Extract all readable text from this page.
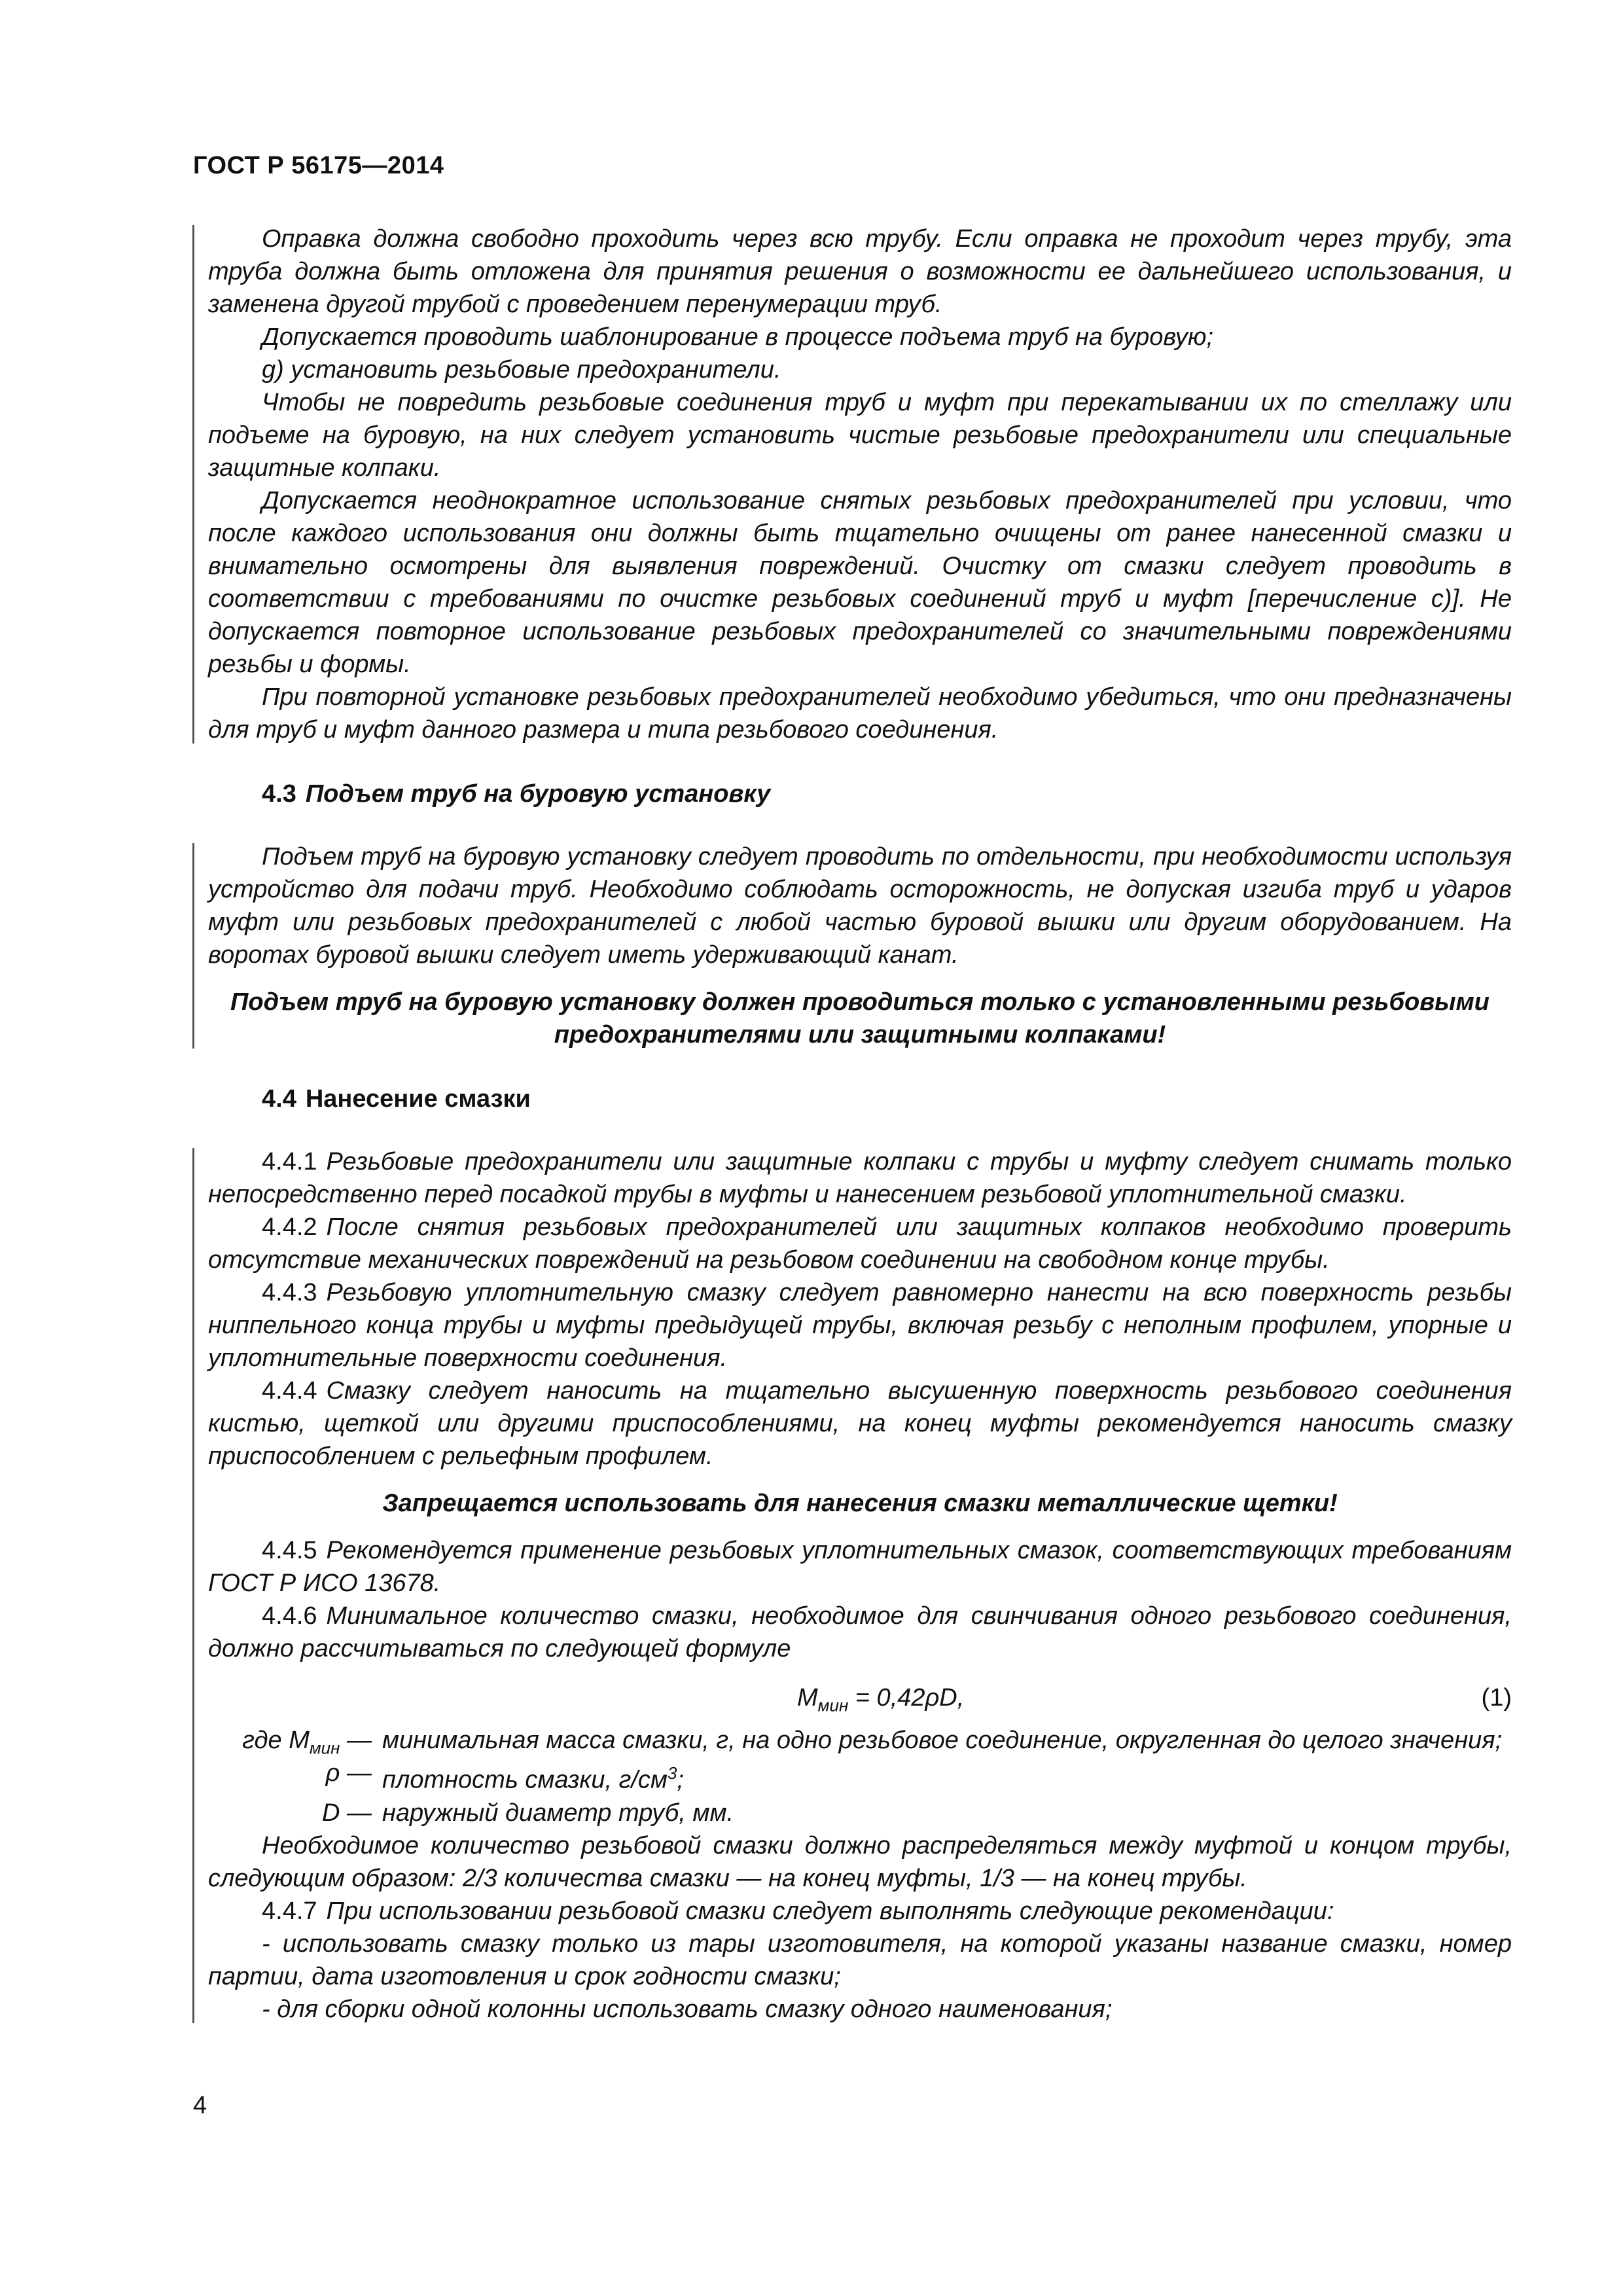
ГОСТ Р 56175—2014

Оправка должна свободно проходить через всю трубу. Если оправка не проходит через трубу, эта труба должна быть отложена для принятия решения о возможности ее дальнейшего использования, и заменена другой трубой с проведением перенумерации труб.

Допускается проводить шаблонирование в процессе подъема труб на буровую;

g) установить резьбовые предохранители.

Чтобы не повредить резьбовые соединения труб и муфт при перекатывании их по стеллажу или подъеме на буровую, на них следует установить чистые резьбовые предохранители или специальные защитные колпаки.

Допускается неоднократное использование снятых резьбовых предохранителей при условии, что после каждого использования они должны быть тщательно очищены от ранее нанесенной смазки и внимательно осмотрены для выявления повреждений. Очистку от смазки следует проводить в соответствии с требованиями по очистке резьбовых соединений труб и муфт [перечисление с)]. Не допускается повторное использование резьбовых предохранителей со значительными повреждениями резьбы и формы.

При повторной установке резьбовых предохранителей необходимо убедиться, что они предназначены для труб и муфт данного размера и типа резьбового соединения.

4.3 Подъем труб на буровую установку

Подъем труб на буровую установку следует проводить по отдельности, при необходимости используя устройство для подачи труб. Необходимо соблюдать осторожность, не допуская изгиба труб и ударов муфт или резьбовых предохранителей с любой частью буровой вышки или другим оборудованием. На воротах буровой вышки следует иметь удерживающий канат.

Подъем труб на буровую установку должен проводиться только с установленными резьбовыми предохранителями или защитными колпаками!

4.4 Нанесение смазки

4.4.1 Резьбовые предохранители или защитные колпаки с трубы и муфту следует снимать только непосредственно перед посадкой трубы в муфты и нанесением резьбовой уплотнительной смазки.

4.4.2 После снятия резьбовых предохранителей или защитных колпаков необходимо проверить отсутствие механических повреждений на резьбовом соединении на свободном конце трубы.

4.4.3 Резьбовую уплотнительную смазку следует равномерно нанести на всю поверхность резьбы ниппельного конца трубы и муфты предыдущей трубы, включая резьбу с неполным профилем, упорные и уплотнительные поверхности соединения.

4.4.4 Смазку следует наносить на тщательно высушенную поверхность резьбового соединения кистью, щеткой или другими приспособлениями, на конец муфты рекомендуется наносить смазку приспособлением с рельефным профилем.

Запрещается использовать для нанесения смазки металлические щетки!

4.4.5 Рекомендуется применение резьбовых уплотнительных смазок, соответствующих требованиям ГОСТ Р ИСО 13678.

4.4.6 Минимальное количество смазки, необходимое для свинчивания одного резьбового соединения, должно рассчитываться по следующей формуле

$M_{мин} = 0,42\rho D$,	(1)
где $M_{мин}$ — минимальная масса смазки, г, на одно резьбовое соединение, округленная до целого значения;
ρ — плотность смазки, $г/см^3$;
D — наружный диаметр труб, мм.

Необходимое количество резьбовой смазки должно распределяться между муфтой и концом трубы, следующим образом: 2/3 количества смазки — на конец муфты, 1/3 — на конец трубы.

4.4.7 При использовании резьбовой смазки следует выполнять следующие рекомендации:

- использовать смазку только из тары изготовителя, на которой указаны название смазки, номер партии, дата изготовления и срок годности смазки;

- для сборки одной колонны использовать смазку одного наименования;

4
